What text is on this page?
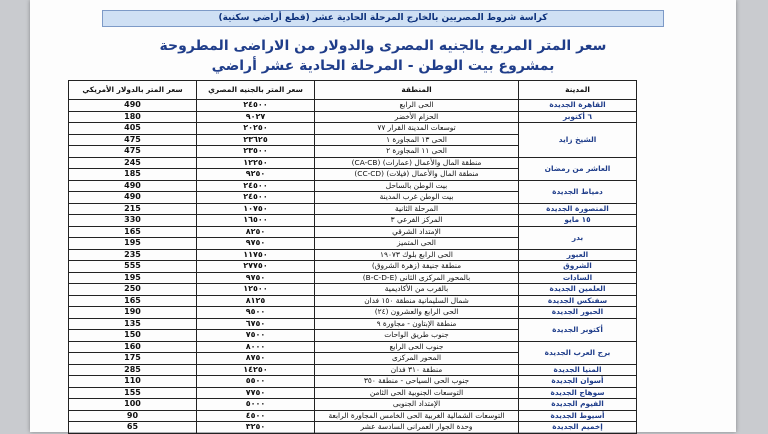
كراسة شروط المصريين بالخارج المرحلة الحادية عشر (قطع أراضي سكنية)
سعر المتر المربع بالجنيه المصرى والدولار من الاراضى المطروحة
بمشروع بيت الوطن - المرحلة الحادية عشر أراضي
المدينة	المنطقة	سعر المتر بالجنيه المصري	سعر المتر بالدولار الأمريكي
القاهرة الجديدة	الحى الرابع	٢٤٥٠٠	490
٦ أكتوبر	الحزام الأخضر	٩٠٢٧	180
الشيخ زايد	توسعات المدينة القرار ٧٧	٢٠٢٥٠	405
	الحى ١٣ المجاورة ١	٢٣٦٢٥	475
	الحى ١١ المجاورة ٢	٢٣٥٠٠	475
العاشر من رمضان	منطقة المال والأعمال (عمارات) (CA-CB)	١٢٢٥٠	245
	منطقة المال والأعمال (فيلات) (CC-CD)	٩٢٥٠	185
دمياط الجديدة	بيت الوطن بالساحل	٢٤٥٠٠	490
	بيت الوطن غرب المدينة	٢٤٥٠٠	490
المنصورة الجديدة	المرحلة الثانية	١٠٧٥٠	215
١٥ مايو	المركز الفرعي ٣	١٦٥٠٠	330
بدر	الإمتداد الشرقي	٨٢٥٠	165
	الحى المتميز	٩٧٥٠	195
العبور	الحى الرابع بلوك ١٩٠٧٣	١١٧٥٠	235
الشروق	منطقة جنيفة (زهرة الشروق)	٢٧٧٥٠	555
السادات	بالمحور المركزى الثانى (B-C-D-E)	٩٧٥٠	195
العلمين الجديدة	بالقرب من الأكاديمية	١٢٥٠٠	250
سفنكس الجديدة	شمال السليمانية منطقة ١٥٠ فدان	٨١٢٥	165
الحبور الجديدة	الحى الرابع والعشرون (٢٤)	٩٥٠٠	190
أكتوبر الجديدة	منطقة الإبتاون - مجاورة ٩	٦٧٥٠	135
	جنوب طريق الواحات	٧٥٠٠	150
برج العرب الجديدة	جنوب الحى الرابع	٨٠٠٠	160
	المحور المركزى	٨٧٥٠	175
المنيا الجديدة	منطقة ٣١٠ فدان	١٤٢٥٠	285
أسوان الجديدة	جنوب الحى السياحى - منطقة ٣٥٠	٥٥٠٠	110
سوهاج الجديدة	التوسعات الجنوبية الحى الثامن	٧٧٥٠	155
الفيوم الجديدة	الإمتداد الجنوبى	٥٠٠٠	100
أسيوط الجديدة	التوسعات الشمالية الغربية الحى الخامس المجاورة الرابعة	٤٥٠٠	90
إخميم الجديدة	وحدة الجوار العمرانى السادسة عشر	٣٢٥٠	65
